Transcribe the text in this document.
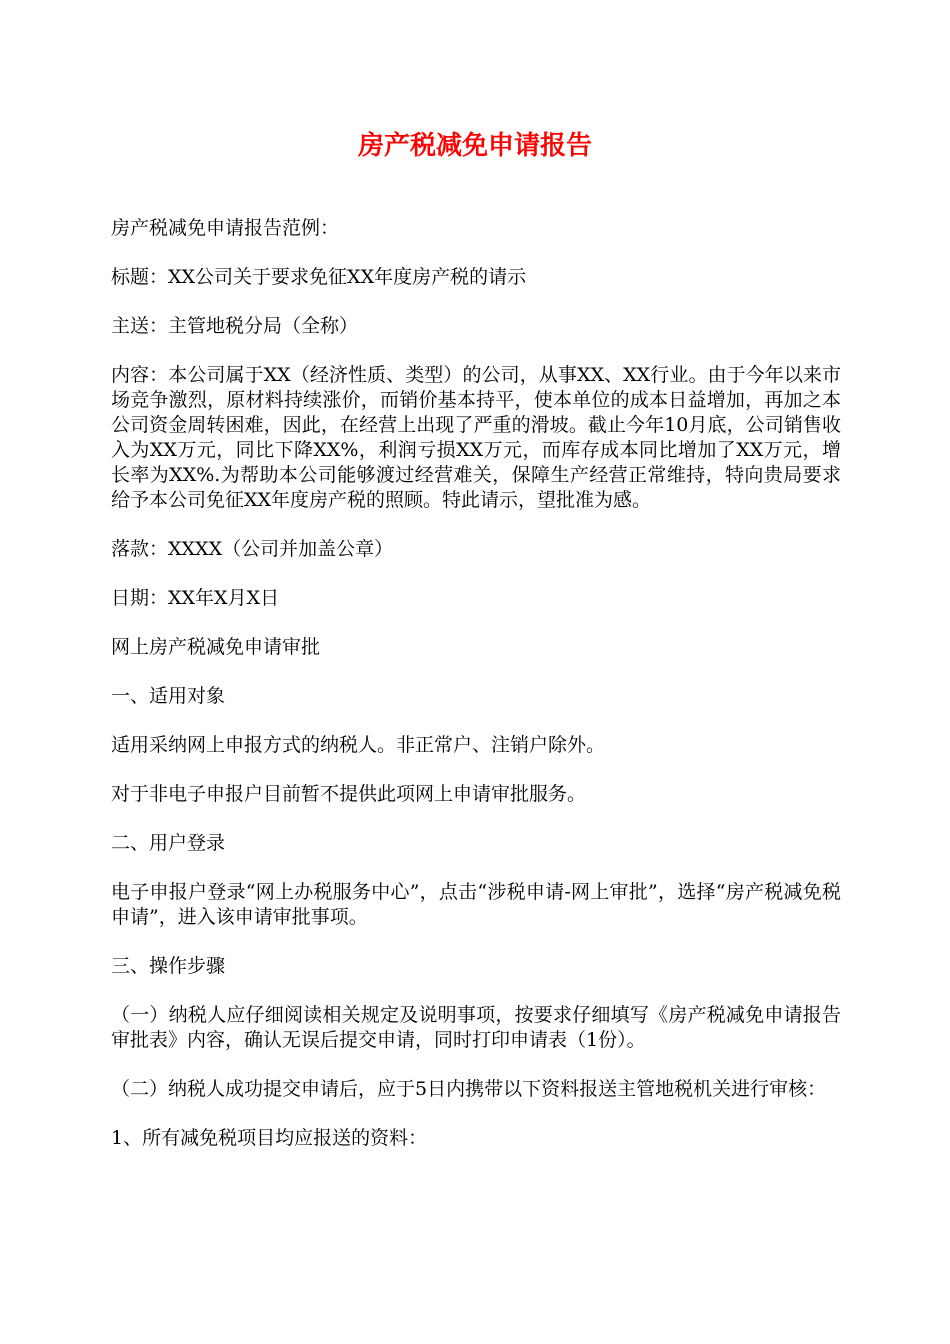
房产税减免申请报告

房产税减免申请报告范例：

标题：XX公司关于要求免征XX年度房产税的请示

主送：主管地税分局（全称）

内容：本公司属于XX（经济性质、类型）的公司，从事XX、XX行业。由于今年以来市场竞争激烈，原材料持续涨价，而销价基本持平，使本单位的成本日益增加，再加之本公司资金周转困难，因此，在经营上出现了严重的滑坡。截止今年10月底，公司销售收入为XX万元，同比下降XX%，利润亏损XX万元，而库存成本同比增加了XX万元，增长率为XX%.为帮助本公司能够渡过经营难关，保障生产经营正常维持，特向贵局要求给予本公司免征XX年度房产税的照顾。特此请示，望批准为感。

落款：XXXX（公司并加盖公章）

日期：XX年X月X日

网上房产税减免申请审批

一、适用对象

适用采纳网上申报方式的纳税人。非正常户、注销户除外。

对于非电子申报户目前暂不提供此项网上申请审批服务。

二、用户登录

电子申报户登录“网上办税服务中心”，点击“涉税申请-网上审批”，选择“房产税减免税申请”，进入该申请审批事项。

三、操作步骤

（一）纳税人应仔细阅读相关规定及说明事项，按要求仔细填写《房产税减免申请报告审批表》内容，确认无误后提交申请，同时打印申请表（1份）。

（二）纳税人成功提交申请后，应于5日内携带以下资料报送主管地税机关进行审核：

1、所有减免税项目均应报送的资料：
